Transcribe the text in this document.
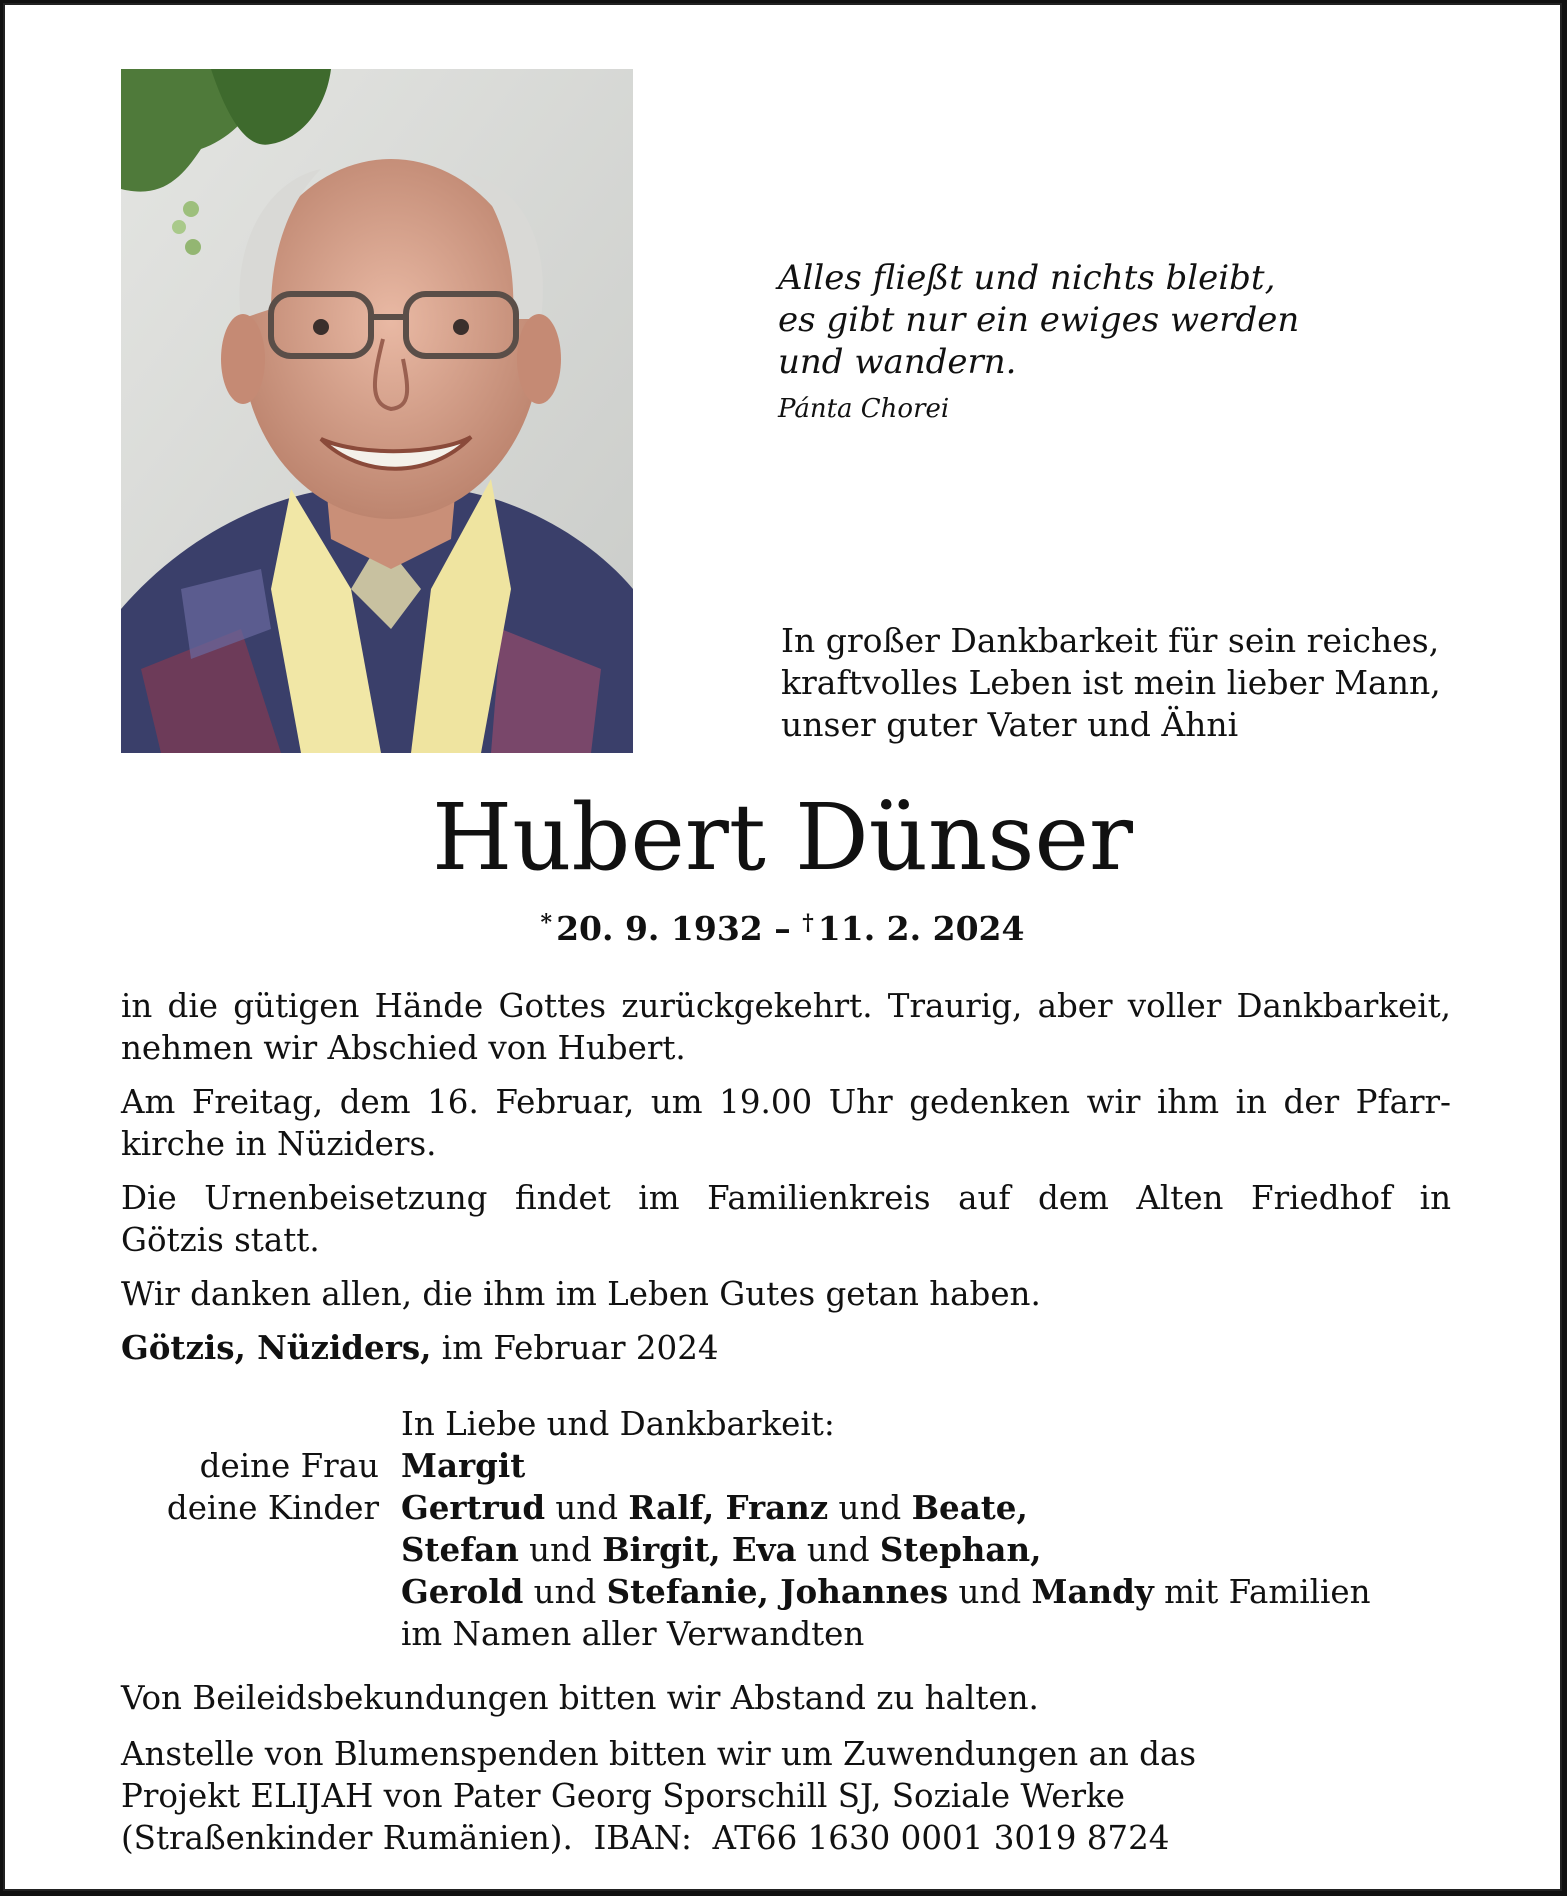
Alles fließt und nichts bleibt,
es gibt nur ein ewiges werden
und wandern.
Pánta Chorei
In großer Dankbarkeit für sein reiches,
kraftvolles Leben ist mein lieber Mann,
unser guter Vater und Ähni
Hubert Dünser
* 20. 9. 1932 – † 11. 2. 2024

in die gütigen Hände Gottes zurückgekehrt. Traurig, aber voller Dankbarkeit,
nehmen wir Abschied von Hubert.

Am Freitag, dem 16. Februar, um 19.00 Uhr gedenken wir ihm in der Pfarr-
kirche in Nüziders.

Die Urnenbeisetzung findet im Familienkreis auf dem Alten Friedhof in
Götzis statt.

Wir danken allen, die ihm im Leben Gutes getan haben.

Götzis, Nüziders, im Februar 2024

In Liebe und Dankbarkeit:
deine Frau Margit
deine Kinder Gertrud und Ralf, Franz und Beate,
Stefan und Birgit, Eva und Stephan,
Gerold und Stefanie, Johannes und Mandy mit Familien
im Namen aller Verwandten

Von Beileidsbekundungen bitten wir Abstand zu halten.

Anstelle von Blumenspenden bitten wir um Zuwendungen an das
Projekt ELIJAH von Pater Georg Sporschill SJ, Soziale Werke
(Straßenkinder Rumänien).  IBAN:  AT66 1630 0001 3019 8724
